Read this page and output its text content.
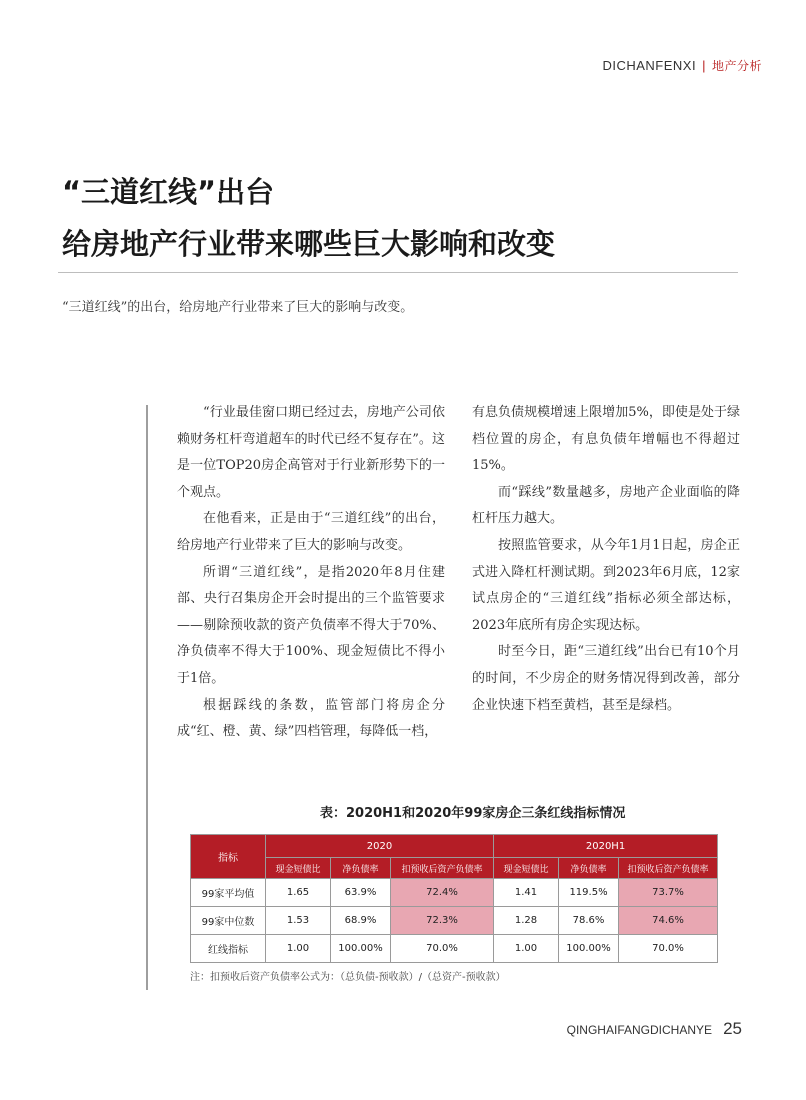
DICHANFENXI | 地产分析
“三道红线”出台
给房地产行业带来哪些巨大影响和改变
“三道红线”的出台，给房地产行业带来了巨大的影响与改变。

“行业最佳窗口期已经过去，房地产公司依赖财务杠杆弯道超车的时代已经不复存在”。这是一位TOP20房企高管对于行业新形势下的一个观点。

在他看来，正是由于“三道红线”的出台，给房地产行业带来了巨大的影响与改变。

所谓“三道红线”，是指2020年8月住建部、央行召集房企开会时提出的三个监管要求——剔除预收款的资产负债率不得大于70%、净负债率不得大于100%、现金短债比不得小于1倍。

根据踩线的条数，监管部门将房企分成“红、橙、黄、绿”四档管理，每降低一档，

有息负债规模增速上限增加5%，即使是处于绿档位置的房企，有息负债年增幅也不得超过15%。

而“踩线”数量越多，房地产企业面临的降杠杆压力越大。

按照监管要求，从今年1月1日起，房企正式进入降杠杆测试期。到2023年6月底，12家试点房企的“三道红线”指标必须全部达标，2023年底所有房企实现达标。

时至今日，距“三道红线”出台已有10个月的时间，不少房企的财务情况得到改善，部分企业快速下档至黄档，甚至是绿档。

表：2020H1和2020年99家房企三条红线指标情况
指标	2020			2020H1		
	现金短债比	净负债率	扣预收后资产负债率	现金短债比	净负债率	扣预收后资产负债率
99家平均值	1.65	63.9%	72.4%	1.41	119.5%	73.7%
99家中位数	1.53	68.9%	72.3%	1.28	78.6%	74.6%
红线指标	1.00	100.00%	70.0%	1.00	100.00%	70.0%
注：扣预收后资产负债率公式为：（总负债-预收款）/（总资产-预收款）
QINGHAIFANGDICHANYE 25
